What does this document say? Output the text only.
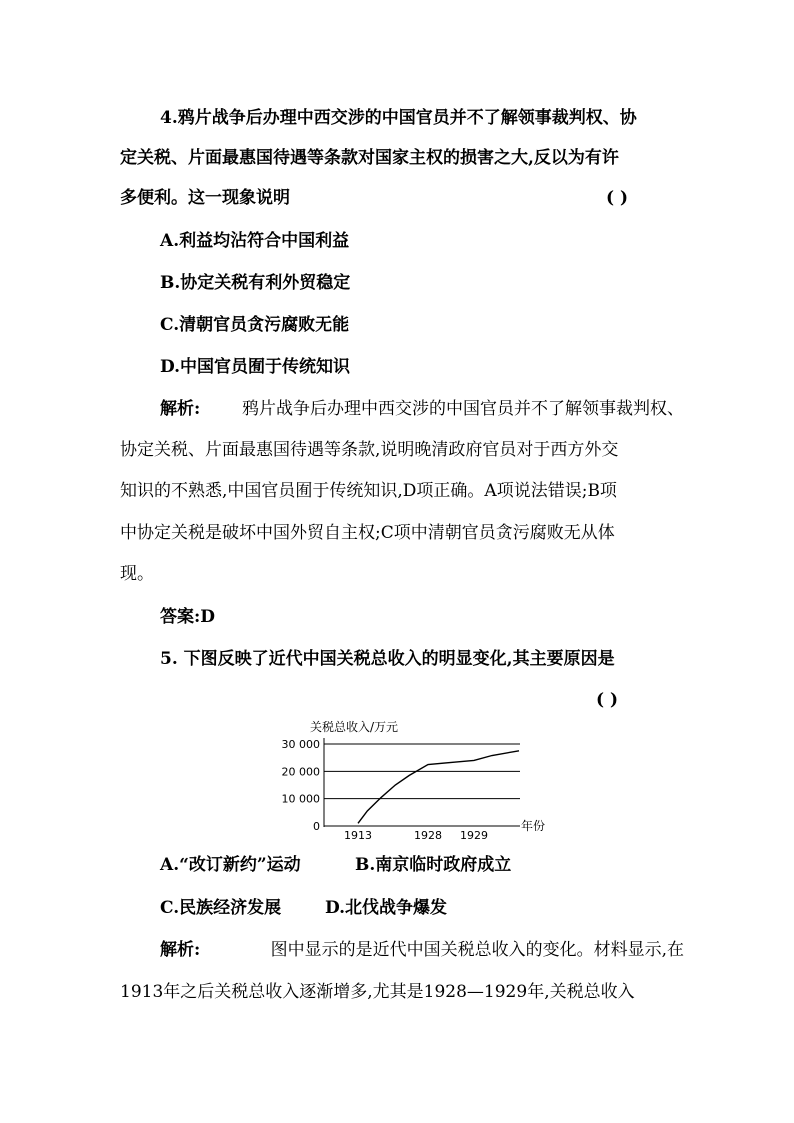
4.鸦片战争后办理中西交涉的中国官员并不了解领事裁判权、协
定关税、片面最惠国待遇等条款对国家主权的损害之大,反以为有许
多便利。这一现象说明	( )
A.利益均沾符合中国利益
B.协定关税有利外贸稳定
C.清朝官员贪污腐败无能
D.中国官员囿于传统知识
解析: 鸦片战争后办理中西交涉的中国官员并不了解领事裁判权、
协定关税、片面最惠国待遇等条款,说明晚清政府官员对于西方外交
知识的不熟悉,中国官员囿于传统知识,D项正确。A项说法错误;B项
中协定关税是破坏中国外贸自主权;C项中清朝官员贪污腐败无从体
现。
答案:D
5. 下图反映了近代中国关税总收入的明显变化,其主要原因是
( )
关税总收入/万元
30 000
20 000
10 000
0
1913	1928 1929
年份
A.“改订新约”运动	B.南京临时政府成立
C.民族经济发展	D.北伐战争爆发
解析:	图中显示的是近代中国关税总收入的变化。材料显示,在
1913年之后关税总收入逐渐增多,尤其是1928—1929年,关税总收入
